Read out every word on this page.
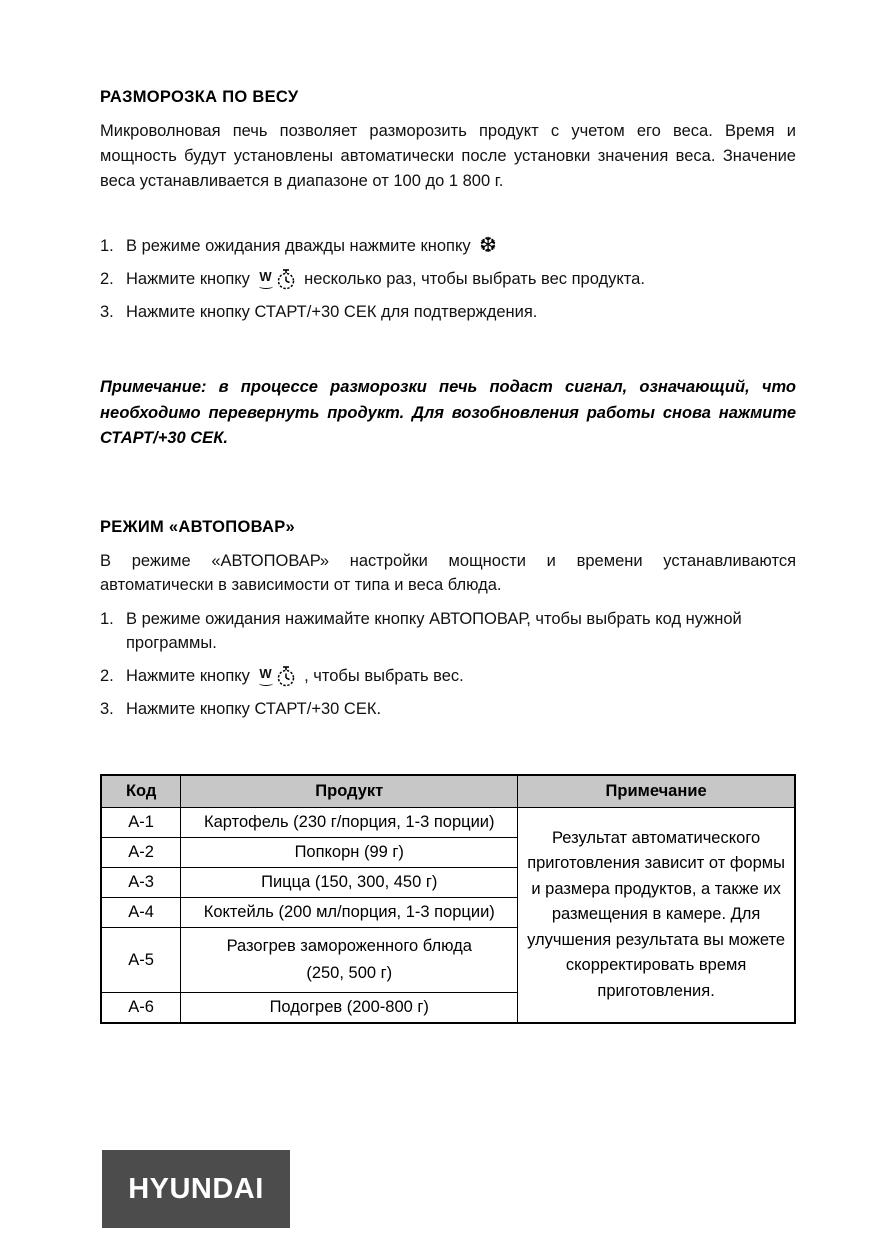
РАЗМОРОЗКА ПО ВЕСУ

Микроволновая печь позволяет разморозить продукт с учетом его веса. Время и мощность будут установлены автоматически после установки значения веса. Значение веса устанавливается в диапазоне от 100 до 1 800 г.

1. В режиме ожидания дважды нажмите кнопку ❆
2. Нажмите кнопку W несколько раз, чтобы выбрать вес продукта.
3. Нажмите кнопку СТАРТ/+30 СЕК для подтверждения.

Примечание: в процессе разморозки печь подаст сигнал, означающий, что необходимо перевернуть продукт. Для возобновления работы снова нажмите СТАРТ/+30 СЕК.

РЕЖИМ «АВТОПОВАР»

В режиме «АВТОПОВАР» настройки мощности и времени устанавливаются автоматически в зависимости от типа и веса блюда.

1. В режиме ожидания нажимайте кнопку АВТОПОВАР, чтобы выбрать код нужной программы.
2. Нажмите кнопку W , чтобы выбрать вес.
3. Нажмите кнопку СТАРТ/+30 СЕК.
Код	Продукт	Примечание
А-1	Картофель (230 г/порция, 1-3 порции)	Результат автоматического приготовления зависит от формы и размера продуктов, а также их размещения в камере. Для улучшения результата вы можете скорректировать время приготовления.
А-2	Попкорн (99 г)	
А-3	Пицца (150, 300, 450 г)	
А-4	Коктейль (200 мл/порция, 1-3 порции)	
А-5	Разогрев замороженного блюда
(250, 500 г)	

А-6	Подогрев (200-800 г)	
HYUNDAI
